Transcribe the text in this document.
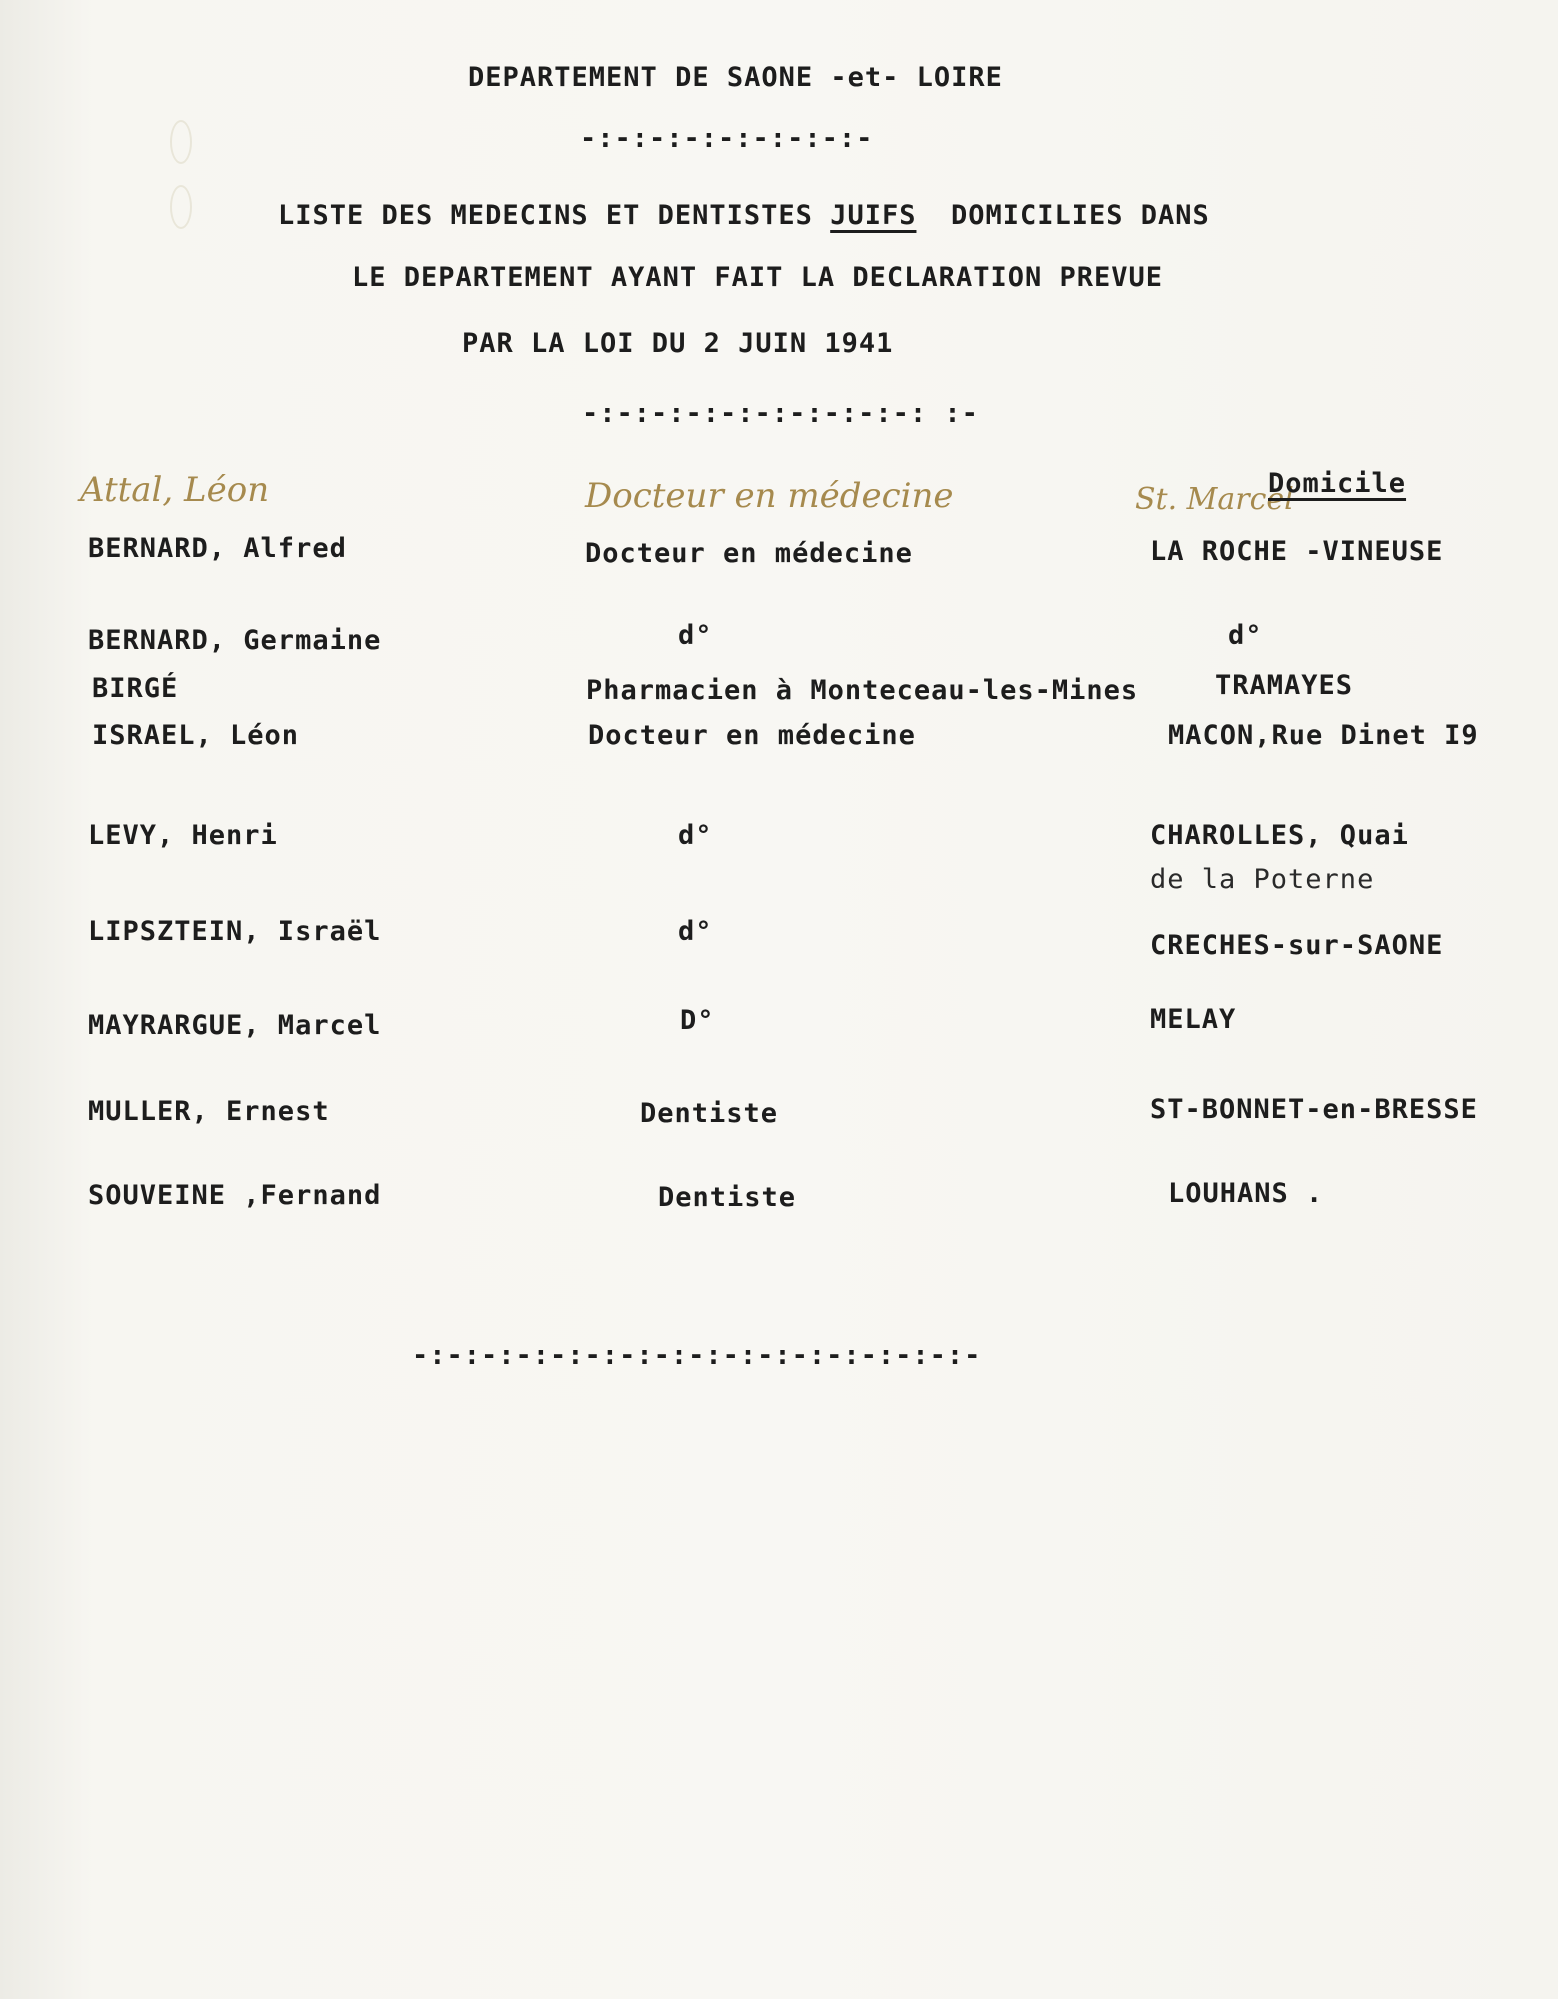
DEPARTEMENT DE SAONE -et- LOIRE
-:-:-:-:-:-:-:-:-
LISTE DES MEDECINS ET DENTISTES JUIFS DOMICILIES DANS
LE DEPARTEMENT AYANT FAIT LA DECLARATION PREVUE
PAR LA LOI DU 2 JUIN 1941
-:-:-:-:-:-:-:-:-:-: :-
Attal, Léon	Docteur en médecine	St. Marcel
Domicile
BERNARD, Alfred	Docteur en médecine	LA ROCHE -VINEUSE
BERNARD, Germaine	d°	d°
BIRGÉ	Pharmacien à Monteceau-les-Mines	TRAMAYES
ISRAEL, Léon	Docteur en médecine	MACON,Rue Dinet I9
LEVY, Henri	d°	CHAROLLES, Quai
de la Poterne
LIPSZTEIN, Israël	d°	CRECHES-sur-SAONE
MAYRARGUE, Marcel	D°	MELAY
MULLER, Ernest	Dentiste	ST-BONNET-en-BRESSE
SOUVEINE ,Fernand	Dentiste	LOUHANS .
-:-:-:-:-:-:-:-:-:-:-:-:-:-:-:-:-
